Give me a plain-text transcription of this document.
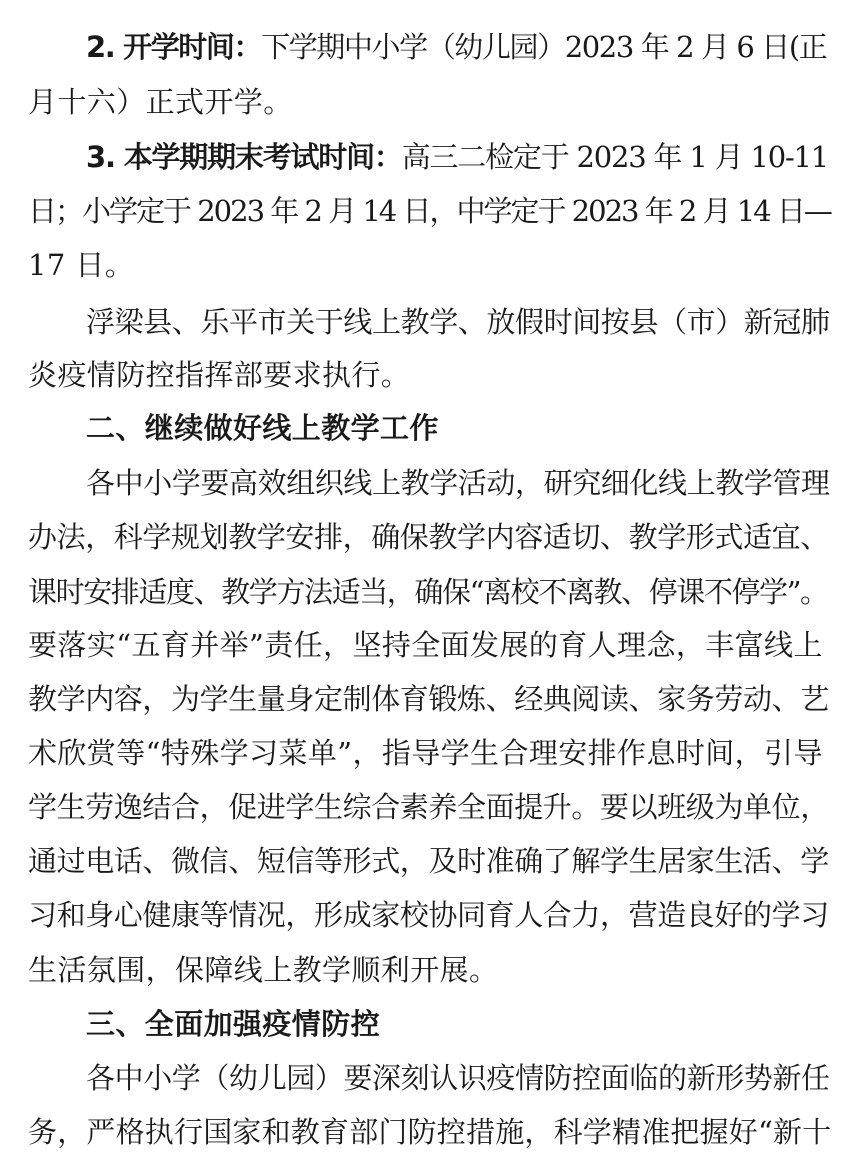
2. 开学时间：下学期中小学（幼儿园）2023 年 2 月 6 日(正
月十六）正式开学。
3. 本学期期末考试时间：高三二检定于 2023 年 1 月 10-11
日；小学定于 2023 年 2 月 14 日，中学定于 2023 年 2 月 14 日—
17 日。
浮梁县、乐平市关于线上教学、放假时间按县（市）新冠肺
炎疫情防控指挥部要求执行。
二、继续做好线上教学工作
各中小学要高效组织线上教学活动，研究细化线上教学管理
办法，科学规划教学安排，确保教学内容适切、教学形式适宜、
课时安排适度、教学方法适当，确保“离校不离教、停课不停学”。
要落实“五育并举”责任，坚持全面发展的育人理念，丰富线上
教学内容，为学生量身定制体育锻炼、经典阅读、家务劳动、艺
术欣赏等“特殊学习菜单”，指导学生合理安排作息时间，引导
学生劳逸结合，促进学生综合素养全面提升。要以班级为单位，
通过电话、微信、短信等形式，及时准确了解学生居家生活、学
习和身心健康等情况，形成家校协同育人合力，营造良好的学习
生活氛围，保障线上教学顺利开展。
三、全面加强疫情防控
各中小学（幼儿园）要深刻认识疫情防控面临的新形势新任
务，严格执行国家和教育部门防控措施，科学精准把握好“新十
